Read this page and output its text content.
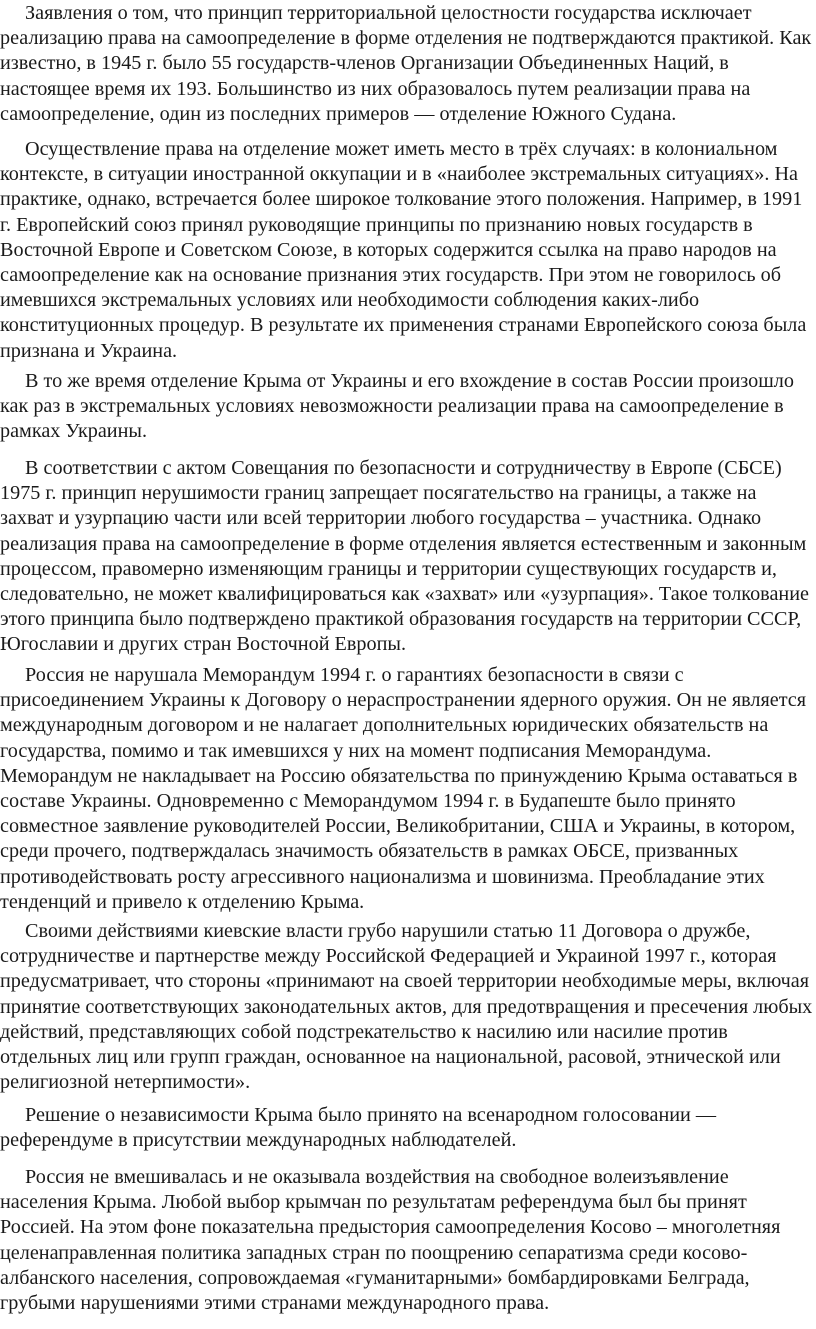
Заявления о том, что принцип территориальной целостности государства исключает реализацию права на самоопределение в форме отделения не подтверждаются практикой. Как известно, в 1945 г. было 55 государств-членов Организации Объединенных Наций, в настоящее время их 193. Большинство из них образовалось путем реализации права на самоопределение, один из последних примеров — отделение Южного Судана.

Осуществление права на отделение может иметь место в трёх случаях: в колониальном контексте, в ситуации иностранной оккупации и в «наиболее экстремальных ситуациях». На практике, однако, встречается более широкое толкование этого положения. Например, в 1991 г. Европейский союз принял руководящие принципы по признанию новых государств в Восточной Европе и Советском Союзе, в которых содержится ссылка на право народов на самоопределение как на основание признания этих государств. При этом не говорилось об имевшихся экстремальных условиях или необходимости соблюдения каких-либо конституционных процедур. В результате их применения странами Европейского союза была признана и Украина.

В то же время отделение Крыма от Украины и его вхождение в состав России произошло как раз в экстремальных условиях невозможности реализации права на самоопределение в рамках Украины.

В соответствии с актом Совещания по безопасности и сотрудничеству в Европе (СБСЕ) 1975 г. принцип нерушимости границ запрещает посягательство на границы, а также на захват и узурпацию части или всей территории любого государства – участника. Однако реализация права на самоопределение в форме отделения является естественным и законным процессом, правомерно изменяющим границы и территории существующих государств и, следовательно, не может квалифицироваться как «захват» или «узурпация». Такое толкование этого принципа было подтверждено практикой образования государств на территории СССР, Югославии и других стран Восточной Европы.

Россия не нарушала Меморандум 1994 г. о гарантиях безопасности в связи с присоединением Украины к Договору о нераспространении ядерного оружия. Он не является международным договором и не налагает дополнительных юридических обязательств на государства, помимо и так имевшихся у них на момент подписания Меморандума. Меморандум не накладывает на Россию обязательства по принуждению Крыма оставаться в составе Украины. Одновременно с Меморандумом 1994 г. в Будапеште было принято совместное заявление руководителей России, Великобритании, США и Украины, в котором, среди прочего, подтверждалась значимость обязательств в рамках ОБСЕ, призванных противодействовать росту агрессивного национализма и шовинизма. Преобладание этих тенденций и привело к отделению Крыма.

Своими действиями киевские власти грубо нарушили статью 11 Договора о дружбе, сотрудничестве и партнерстве между Российской Федерацией и Украиной 1997 г., которая предусматривает, что стороны «принимают на своей территории необходимые меры, включая принятие соответствующих законодательных актов, для предотвращения и пресечения любых действий, представляющих собой подстрекательство к насилию или насилие против отдельных лиц или групп граждан, основанное на национальной, расовой, этнической или религиозной нетерпимости».

Решение о независимости Крыма было принято на всенародном голосовании — референдуме в присутствии международных наблюдателей.

Россия не вмешивалась и не оказывала воздействия на свободное волеизъявление населения Крыма. Любой выбор крымчан по результатам референдума был бы принят Россией. На этом фоне показательна предыстория самоопределения Косово – многолетняя целенаправленная политика западных стран по поощрению сепаратизма среди косово-албанского населения, сопровождаемая «гуманитарными» бомбардировками Белграда, грубыми нарушениями этими странами международного права.
